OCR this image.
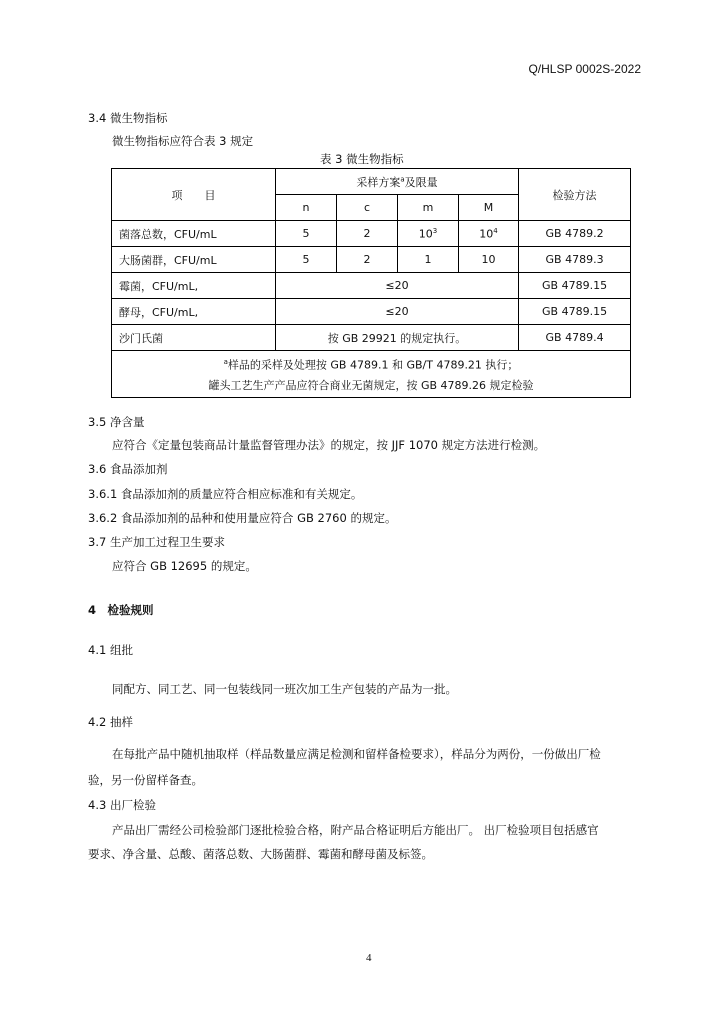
Q/HLSP 0002S-2022
3.4 微生物指标
微生物指标应符合表 3 规定
表 3 微生物指标
项　　目	采样方案$^a$及限量				检验方法
	n	c	m	M	
菌落总数，CFU/mL	5	2	$10^3$	$10^4$	GB 4789.2
大肠菌群，CFU/mL	5	2	1	10	GB 4789.3
霉菌，CFU/mL,	≤20				GB 4789.15
酵母，CFU/mL,	≤20				GB 4789.15
沙门氏菌	按 GB 29921 的规定执行。				GB 4789.4
$^a$样品的采样及处理按 GB 4789.1 和 GB/T 4789.21 执行；
罐头工艺生产产品应符合商业无菌规定，按 GB 4789.26 规定检验					
3.5 净含量
应符合《定量包装商品计量监督管理办法》的规定，按 JJF 1070 规定方法进行检测。
3.6 食品添加剂
3.6.1 食品添加剂的质量应符合相应标准和有关规定。
3.6.2 食品添加剂的品种和使用量应符合 GB 2760 的规定。
3.7 生产加工过程卫生要求
应符合 GB 12695 的规定。
4　检验规则
4.1 组批
同配方、同工艺、同一包装线同一班次加工生产包装的产品为一批。
4.2 抽样
在每批产品中随机抽取样（样品数量应满足检测和留样备检要求），样品分为两份，一份做出厂检
验，另一份留样备查。
4.3 出厂检验
产品出厂需经公司检验部门逐批检验合格，附产品合格证明后方能出厂。 出厂检验项目包括感官
要求、净含量、总酸、菌落总数、大肠菌群、霉菌和酵母菌及标签。
4
